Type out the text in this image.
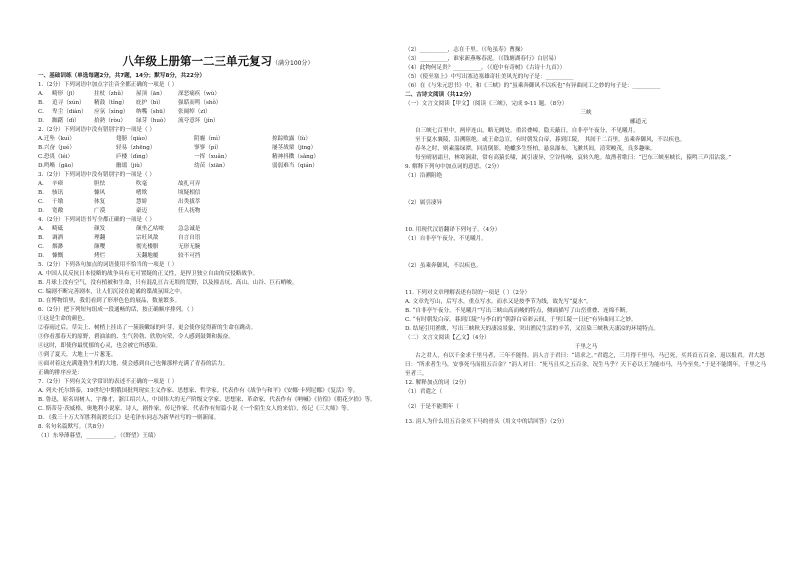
八年级上册第一二三单元复习（满分100分）
一、基础训练（单选每题2分，共7题，14分；默写8分，共22分）
1.（2分）下列词语中加点字注音全都正确的一项是（ ）
A.	畸形（jī）	拄杖（zhǔ）	屋顶（ān）	深恶痛疾（wù）
B.	追寻（xún）	精鼓（tǐng）	庇护（bì）	强聒而鸣（shǒ）
C.	卑尘（diàn）	应氛（xìng）	纳嘴（shū）	张阔绰（zī）
D.	踟躇（dì）	拾熟（ròu）	绿芽（huò）	流夸意坏（jìn）
2.（2分）下列词语中没有错别字的一项是（ ）
A.迁坠（kuì）	翅膀（qiào）	阴霾（mì）	掠踪败露（lù）
B.兴奋（jué）	轻易（zhēng）	寥寥（pí）	屡茎战栗（jīng）
C.恐畏（léi）	庐楼（dìng）	一挥（xuǎn）	精神抖擞（sǎng）
D.鸣啭（gāo）	幽谧（jiù）	幼苗（xiān）	弱弱难当（qián）
3.（2分）下列词语中没有错别字的一项是（ ）
A.	辛瘴	胆怯	吹毫	故扎可弄
B.	骇讯	慷风	嗜欺	顷疑相信
C.	千墩	体复	慧娇	出类拔萃
D.	宽敞	广漠	豪迈	任人抚物
4.（2分）下列词语书写全都正确的一项是（ ）
A.	畸砥	颜发	颠坐乙咕哝	急急诚是
B.	调洒	理翻	宗旺风敌	自言自语
C.	烟渺	颠嘤	彻光楼腊	无形无腕
D.	慷慨	烤烂	天翻地覆	较不可挡
5.（2分）下列各句加点的词语使用不恰当的一项是（ ）
A. 中国人民反抗日本侵略的战争具有无可置疑的正义性，是捍卫独立自由的反侵略战争。
B. 月球上没有空气，没有植被和生命，只有混乱亘古无垠的荒野，以及撞击坑、高山、山谷、巨石峭峻。
C. 编剧不断完善剧本，让人们沉浸在诡谲的谍战氛围之中。
D. 在博物馆里，我们看到了形形色色的展品，数量繁多。
6.（2分）把下列短句组成一段通畅的话，按正确顺序排列。（ ）
①这是生命的颜色。
②春雨过后，草尖上、树梢上挂出了一簇簇嫩绿的叶芽，更会使你觉得新的生命在跳动。
③你看那春天的原野，碧油油的、生气勃勃、欣欣向荣，令人感到鼓舞和振奋。
④这时，即使你最忧郁的心灵，也会被它所感染。
⑤到了夏天，大地上一片葱茏。
⑥面对着这充满蓬勃生机的大地，使会感到自己也像那样充满了青春的活力。
正确的排序应是：
7.（2分）下列有关文学常识的表述不正确的一项是（ ）
A. 列夫·托尔斯泰，19世纪中期俄国批判现实主义作家、思想家、哲学家。代表作有《战争与和平》《安娜·卡列尼娜》《复活》等。
B. 鲁迅，原名周树人，字豫才，浙江绍兴人，中国伟大的无产阶级文学家、思想家、革命家，代表作有《呐喊》《彷徨》《朝花夕拾》等。
C. 斯蒂芬·茨威格，奥地利小说家、诗人，剧作家，传记作家。代表作有短篇小说《一个陌生女人的来信》，传记《三大师》等。
D. 《我三十万大军胜利南渡长江》是毛泽东同志为新华社写的一则新闻。
8. 名句名篇默写。（共8分）
（1）东皋薄暮望，__________。（《野望》王绩）
（2）__________，志在千里。（《龟虽寿》曹操）
（3）__________，谁家新燕啄春泥。（《钱塘湖春行》白居易）
（4）此物何足贵？__________。（《庭中有奇树》《古诗十九首》）
（5）《使至塞上》中写出塞边塞雄奇壮美风光的句子是：__________
（6）在《与朱元思书》中，和《三峡》的“虽乘奔御风不以疾也”有异曲同工之妙的句子是：__________
二、古诗文阅读（共12分）
（一）文言文阅读【甲文】（阅读《三峡》，完成 9-11 题。（8分）
三峡
郦道元
自三峡七百里中，两岸连山，略无阙处。重岩叠嶂，隐天蔽日，自非亭午夜分，不见曦月。
至于夏水襄陵，沿溯阻绝。或王命急宣，有时朝发白帝，暮到江陵， 其间千二百里，虽乘奔御风，不以疾也。
春冬之时，则素湍绿潭，回清倒影。绝巘多生怪柏，悬泉瀑布，飞漱其间，清荣峻茂，良多趣味。
每至晴初霜旦，林寒涧肃，常有高猿长啸，属引凄异，空谷传响，哀转久绝。故渔者歌曰：“巴东三峡巫峡长，猿鸣三声泪沾裳。”
9. 解释下列句中加点词的意思。（2分）
（1）沿溯阻绝
（2）属引凄异
10. 用现代汉语翻译下列句子。（4分）
（1）自非亭午夜分，不见曦月。
（2）虽乘奔御风，不以疾也。
11. 下列对文章理解表述有误的一项是（ ）（2分）
A. 文章先写山，后写水，重点写水。而水又是按季节为线，故先写“夏水”。
B. “自非亭午夜分，不见曦月”写出三峡山高而峻的特点，侧面描写了山峦重叠、连绵不断。
C. “有时朝发白帝，暮到江陵”与李白的“朝辞白帝彩云间，千里江陵一日还”有异曲同工之妙。
D. 结尾引用渔歌，写出三峡秋天的凄凉景象，突出渔民生活的辛苦，又渲染三峡秋天凄凉的环境特点。
（二）文言文阅读【乙文】（4分）
千里之马
古之君人，有以千金求千里马者，三年不能得。涓人言于君曰：“请求之。”君遣之，三月得千里马，马已死，买其首五百金，返以报君。君大怒曰：“所求者生马，安事死马而捐五百金？”涓人对曰：“死马且买之五百金，况生马乎？天下必以王为能市马，马今至矣。”于是不能期年，千里之马至者三。
12. 解释加点的词（2分）
（1）君遣之（
（2）于是不能期年（
13. 涓人为什么用五百金买下马的骨头（用文中的话回答）（2分）
